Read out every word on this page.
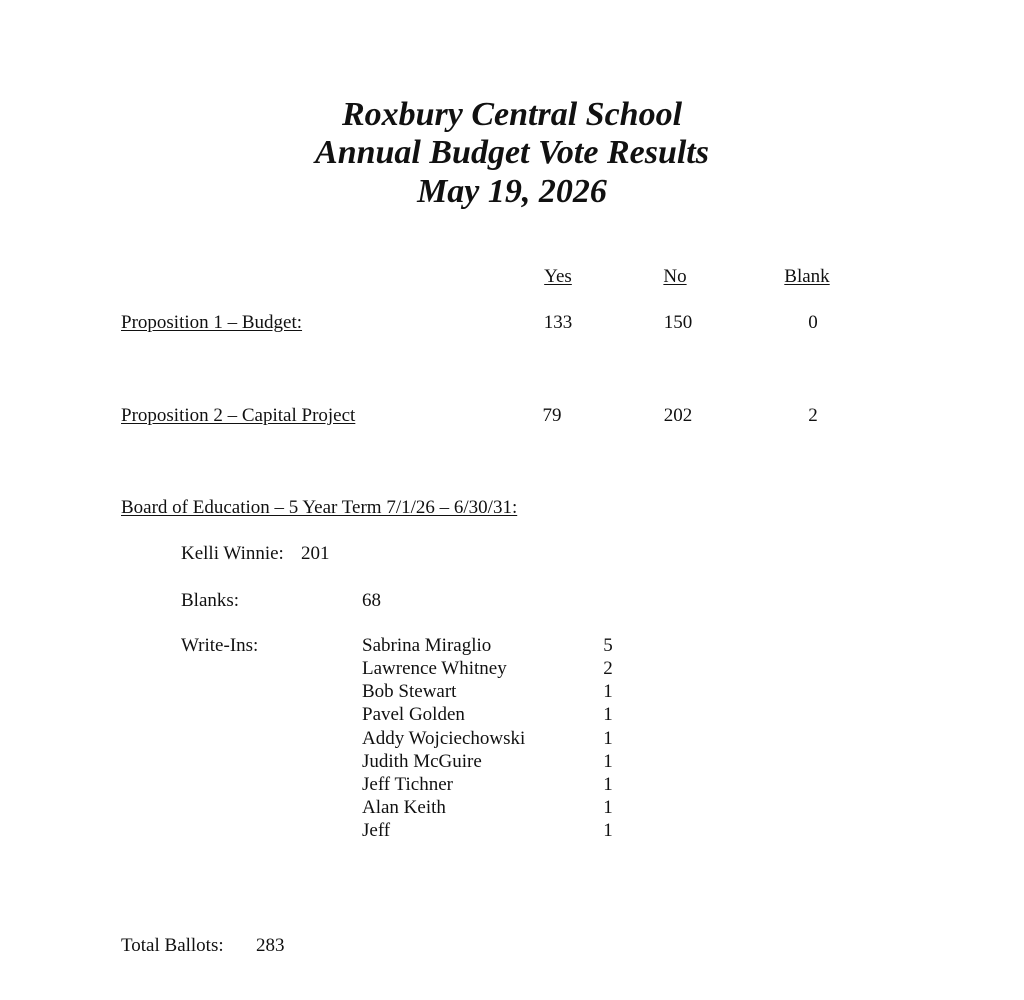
Roxbury Central School
Annual Budget Vote Results
May 19, 2026
Yes	No	Blank
Proposition 1 – Budget:	133	150	0
Proposition 2 – Capital Project	79	202	2
Board of Education – 5 Year Term 7/1/26 – 6/30/31:
Kelli Winnie: 201
Blanks:	68
Write-Ins:	Sabrina Miraglio	5
Lawrence Whitney	2
Bob Stewart	1
Pavel Golden	1
Addy Wojciechowski	1
Judith McGuire	1
Jeff Tichner	1
Alan Keith	1
Jeff	1
Total Ballots: 283
